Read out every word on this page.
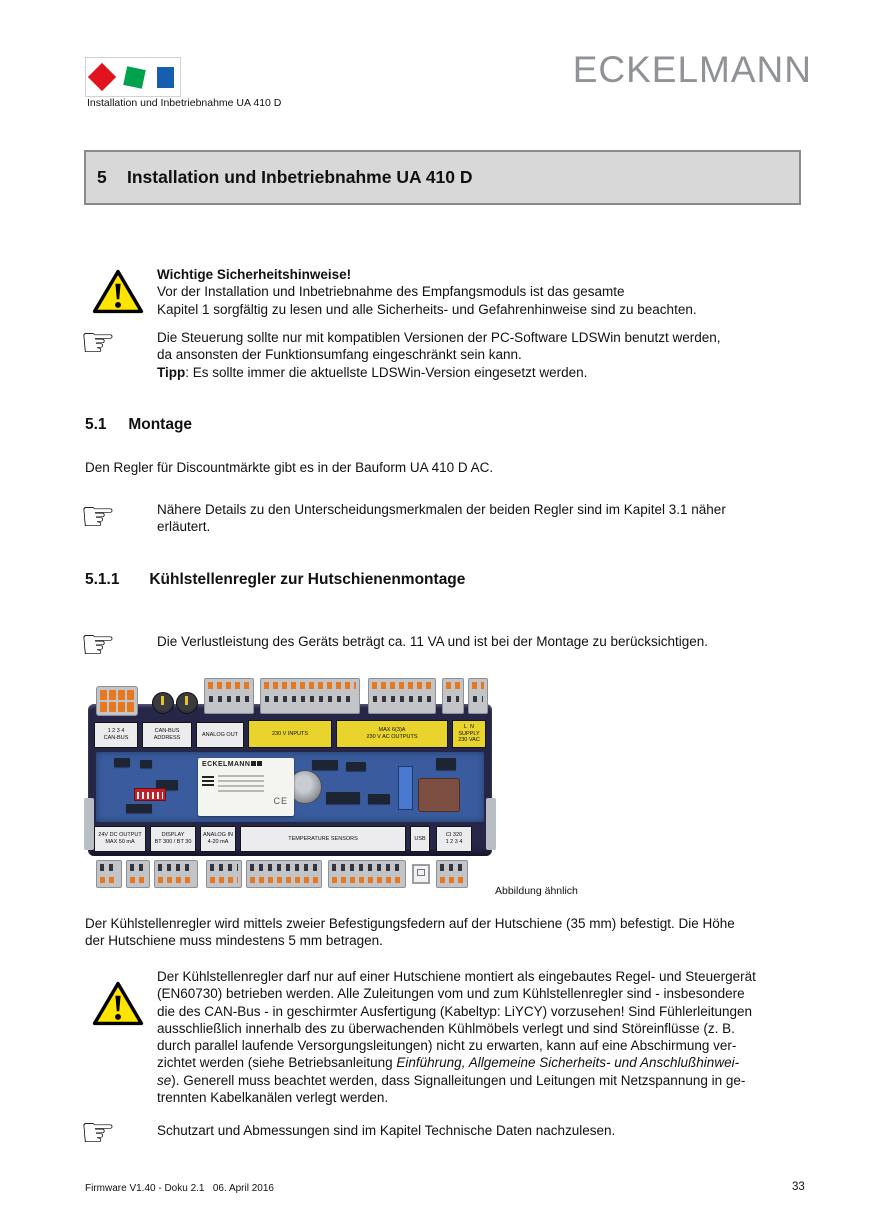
ECKELMANN
Installation und Inbetriebnahme UA 410 D
5	Installation und Inbetriebnahme UA 410 D
Wichtige Sicherheitshinweise!
Vor der Installation und Inbetriebnahme des Empfangsmoduls ist das gesamte
Kapitel 1 sorgfältig zu lesen und alle Sicherheits- und Gefahrenhinweise sind zu beachten.
☞	Die Steuerung sollte nur mit kompatiblen Versionen der PC-Software LDSWin benutzt werden,
da ansonsten der Funktionsumfang eingeschränkt sein kann.
Tipp: Es sollte immer die aktuellste LDSWin-Version eingesetzt werden.
5.1 Montage
Den Regler für Discountmärkte gibt es in der Bauform UA 410 D AC.
☞	Nähere Details zu den Unterscheidungsmerkmalen der beiden Regler sind im Kapitel 3.1 näher
erläutert.
5.1.1 Kühlstellenregler zur Hutschienenmontage
☞	Die Verlustleistung des Geräts beträgt ca. 11 VA und ist bei der Montage zu berücksichtigen.
1 2 3 4
CAN-BUS
CAN-BUS ADDRESS
ANALOG OUT	230 V INPUTS
MAX 6(3)A
230 V AC OUTPUTS
L  N
SUPPLY 230 VAC
ECKELMANN
CE
24V DC OUTPUT
MAX 50 mA
DISPLAY
BT 300 / BT 30
ANALOG IN
4-20 mA
TEMPERATURE SENSORS	USB
CI 320
1 2 3 4
Abbildung ähnlich
Der Kühlstellenregler wird mittels zweier Befestigungsfedern auf der Hutschiene (35 mm) befestigt. Die Höhe
der Hutschiene muss mindestens 5 mm betragen.
Der Kühlstellenregler darf nur auf einer Hutschiene montiert als eingebautes Regel- und Steuergerät
(EN60730) betrieben werden. Alle Zuleitungen vom und zum Kühlstellenregler sind - insbesondere
die des CAN-Bus - in geschirmter Ausfertigung (Kabeltyp: LiYCY) vorzusehen! Sind Fühlerleitungen
ausschließlich innerhalb des zu überwachenden Kühlmöbels verlegt und sind Störeinflüsse (z. B.
durch parallel laufende Versorgungsleitungen) nicht zu erwarten, kann auf eine Abschirmung ver-
zichtet werden (siehe Betriebsanleitung Einführung, Allgemeine Sicherheits- und Anschlußhinwei-
se). Generell muss beachtet werden, dass Signalleitungen und Leitungen mit Netzspannung in ge-
trennten Kabelkanälen verlegt werden.
☞	Schutzart und Abmessungen sind im Kapitel Technische Daten nachzulesen.
Firmware V1.40 - Doku 2.1   06. April 2016	33
